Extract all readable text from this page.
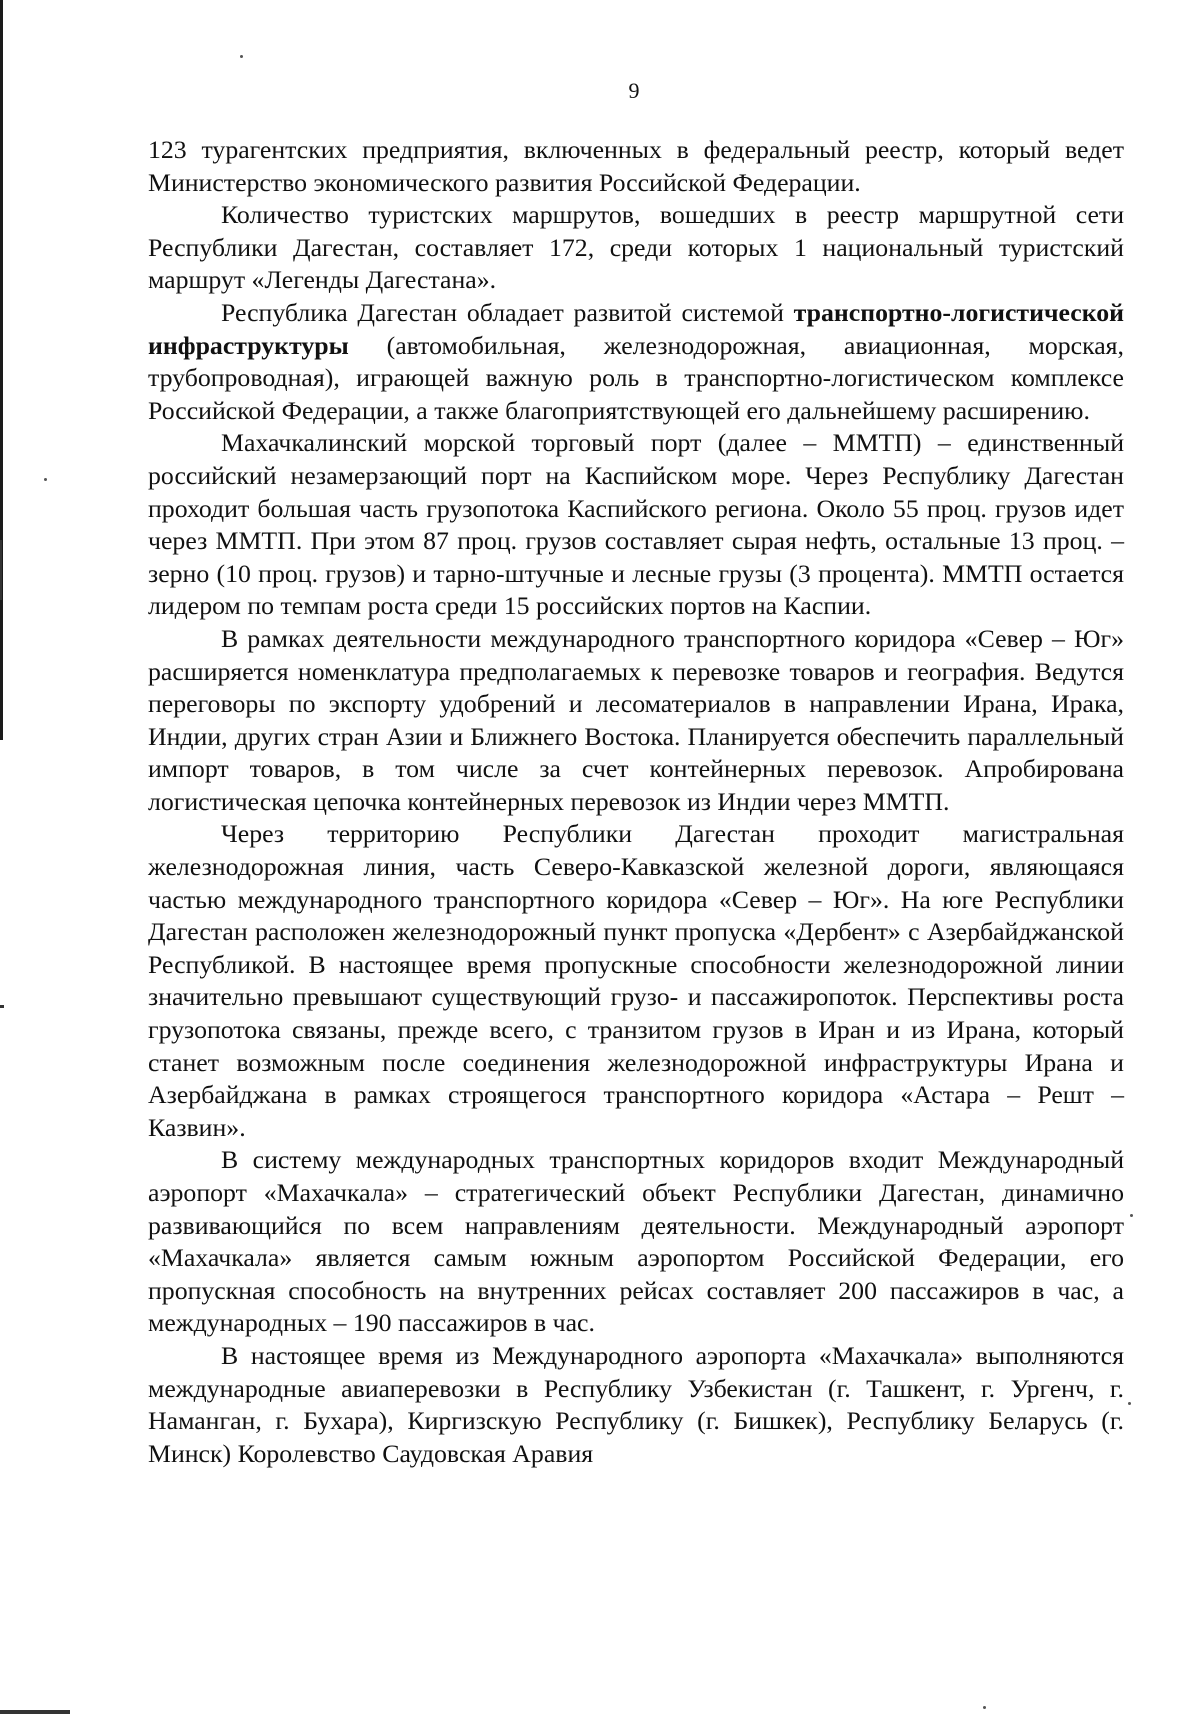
9

123 турагентских предприятия, включенных в федеральный реестр, который ведет Министерство экономического развития Российской Федерации.

Количество туристских маршрутов, вошедших в реестр маршрутной сети Республики Дагестан, составляет 172, среди которых 1 национальный туристский маршрут «Легенды Дагестана».

Республика Дагестан обладает развитой системой транспортно-логистической инфраструктуры (автомобильная, железнодорожная, авиационная, морская, трубопроводная), играющей важную роль в транспортно-логистическом комплексе Российской Федерации, а также благоприятствующей его дальнейшему расширению.

Махачкалинский морской торговый порт (далее – ММТП) – единственный российский незамерзающий порт на Каспийском море. Через Республику Дагестан проходит большая часть грузопотока Каспийского региона. Около 55 проц. грузов идет через ММТП. При этом 87 проц. грузов составляет сырая нефть, остальные 13 проц. – зерно (10 проц. грузов) и тарно-штучные и лесные грузы (3 процента). ММТП остается лидером по темпам роста среди 15 российских портов на Каспии.

В рамках деятельности международного транспортного коридора «Север – Юг» расширяется номенклатура предполагаемых к перевозке товаров и география. Ведутся переговоры по экспорту удобрений и лесоматериалов в направлении Ирана, Ирака, Индии, других стран Азии и Ближнего Востока. Планируется обеспечить параллельный импорт товаров, в том числе за счет контейнерных перевозок. Апробирована логистическая цепочка контейнерных перевозок из Индии через ММТП.

Через территорию Республики Дагестан проходит магистральная железнодорожная линия, часть Северо-Кавказской железной дороги, являющаяся частью международного транспортного коридора «Север – Юг». На юге Республики Дагестан расположен железнодорожный пункт пропуска «Дербент» с Азербайджанской Республикой. В настоящее время пропускные способности железнодорожной линии значительно превышают существующий грузо- и пассажиропоток. Перспективы роста грузопотока связаны, прежде всего, с транзитом грузов в Иран и из Ирана, который станет возможным после соединения железнодорожной инфраструктуры Ирана и Азербайджана в рамках строящегося транспортного коридора «Астара – Решт – Казвин».

В систему международных транспортных коридоров входит Международный аэропорт «Махачкала» – стратегический объект Республики Дагестан, динамично развивающийся по всем направлениям деятельности. Международный аэропорт «Махачкала» является самым южным аэропортом Российской Федерации, его пропускная способность на внутренних рейсах составляет 200 пассажиров в час, а международных – 190 пассажиров в час.

В настоящее время из Международного аэропорта «Махачкала» выполняются международные авиаперевозки в Республику Узбекистан (г. Ташкент, г. Ургенч, г. Наманган, г. Бухара), Киргизскую Республику (г. Бишкек), Республику Беларусь (г. Минск) Королевство Саудовская Аравия
